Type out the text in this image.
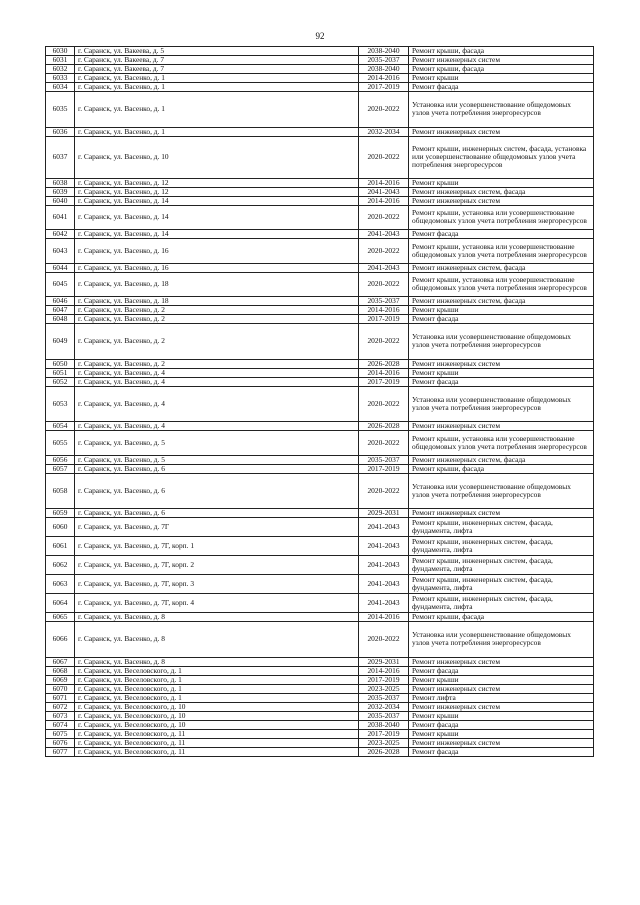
92
6030	г. Саранск, ул. Вакеева, д. 5	2038-2040	Ремонт крыши, фасада
6031	г. Саранск, ул. Вакеева, д. 7	2035-2037	Ремонт инженерных систем
6032	г. Саранск, ул. Вакеева, д. 7	2038-2040	Ремонт крыши, фасада
6033	г. Саранск, ул. Васенко, д. 1	2014-2016	Ремонт крыши
6034	г. Саранск, ул. Васенко, д. 1	2017-2019	Ремонт фасада
6035	г. Саранск, ул. Васенко, д. 1	2020-2022	Установка или усовершенствование общедомовых узлов учета потребления энергоресурсов
6036	г. Саранск, ул. Васенко, д. 1	2032-2034	Ремонт инженерных систем
6037	г. Саранск, ул. Васенко, д. 10	2020-2022	Ремонт крыши, инженерных систем, фасада, установка или усовершенствование общедомовых узлов учета потребления энергоресурсов
6038	г. Саранск, ул. Васенко, д. 12	2014-2016	Ремонт крыши
6039	г. Саранск, ул. Васенко, д. 12	2041-2043	Ремонт инженерных систем, фасада
6040	г. Саранск, ул. Васенко, д. 14	2014-2016	Ремонт инженерных систем
6041	г. Саранск, ул. Васенко, д. 14	2020-2022	Ремонт крыши, установка или усовершенствование общедомовых узлов учета потребления энергоресурсов
6042	г. Саранск, ул. Васенко, д. 14	2041-2043	Ремонт фасада
6043	г. Саранск, ул. Васенко, д. 16	2020-2022	Ремонт крыши, установка или усовершенствование общедомовых узлов учета потребления энергоресурсов
6044	г. Саранск, ул. Васенко, д. 16	2041-2043	Ремонт инженерных систем, фасада
6045	г. Саранск, ул. Васенко, д. 18	2020-2022	Ремонт крыши, установка или усовершенствование общедомовых узлов учета потребления энергоресурсов
6046	г. Саранск, ул. Васенко, д. 18	2035-2037	Ремонт инженерных систем, фасада
6047	г. Саранск, ул. Васенко, д. 2	2014-2016	Ремонт крыши
6048	г. Саранск, ул. Васенко, д. 2	2017-2019	Ремонт фасада
6049	г. Саранск, ул. Васенко, д. 2	2020-2022	Установка или усовершенствование общедомовых узлов учета потребления энергоресурсов
6050	г. Саранск, ул. Васенко, д. 2	2026-2028	Ремонт инженерных систем
6051	г. Саранск, ул. Васенко, д. 4	2014-2016	Ремонт крыши
6052	г. Саранск, ул. Васенко, д. 4	2017-2019	Ремонт фасада
6053	г. Саранск, ул. Васенко, д. 4	2020-2022	Установка или усовершенствование общедомовых узлов учета потребления энергоресурсов
6054	г. Саранск, ул. Васенко, д. 4	2026-2028	Ремонт инженерных систем
6055	г. Саранск, ул. Васенко, д. 5	2020-2022	Ремонт крыши, установка или усовершенствование общедомовых узлов учета потребления энергоресурсов
6056	г. Саранск, ул. Васенко, д. 5	2035-2037	Ремонт инженерных систем, фасада
6057	г. Саранск, ул. Васенко, д. 6	2017-2019	Ремонт крыши, фасада
6058	г. Саранск, ул. Васенко, д. 6	2020-2022	Установка или усовершенствование общедомовых узлов учета потребления энергоресурсов
6059	г. Саранск, ул. Васенко, д. 6	2029-2031	Ремонт инженерных систем
6060	г. Саранск, ул. Васенко, д. 7Г	2041-2043	Ремонт крыши, инженерных систем, фасада, фундамента, лифта
6061	г. Саранск, ул. Васенко, д. 7Г, корп. 1	2041-2043	Ремонт крыши, инженерных систем, фасада, фундамента, лифта
6062	г. Саранск, ул. Васенко, д. 7Г, корп. 2	2041-2043	Ремонт крыши, инженерных систем, фасада, фундамента, лифта
6063	г. Саранск, ул. Васенко, д. 7Г, корп. 3	2041-2043	Ремонт крыши, инженерных систем, фасада, фундамента, лифта
6064	г. Саранск, ул. Васенко, д. 7Г, корп. 4	2041-2043	Ремонт крыши, инженерных систем, фасада, фундамента, лифта
6065	г. Саранск, ул. Васенко, д. 8	2014-2016	Ремонт крыши, фасада
6066	г. Саранск, ул. Васенко, д. 8	2020-2022	Установка или усовершенствование общедомовых узлов учета потребления энергоресурсов
6067	г. Саранск, ул. Васенко, д. 8	2029-2031	Ремонт инженерных систем
6068	г. Саранск, ул. Веселовского, д. 1	2014-2016	Ремонт фасада
6069	г. Саранск, ул. Веселовского, д. 1	2017-2019	Ремонт крыши
6070	г. Саранск, ул. Веселовского, д. 1	2023-2025	Ремонт инженерных систем
6071	г. Саранск, ул. Веселовского, д. 1	2035-2037	Ремонт лифта
6072	г. Саранск, ул. Веселовского, д. 10	2032-2034	Ремонт инженерных систем
6073	г. Саранск, ул. Веселовского, д. 10	2035-2037	Ремонт крыши
6074	г. Саранск, ул. Веселовского, д. 10	2038-2040	Ремонт фасада
6075	г. Саранск, ул. Веселовского, д. 11	2017-2019	Ремонт крыши
6076	г. Саранск, ул. Веселовского, д. 11	2023-2025	Ремонт инженерных систем
6077	г. Саранск, ул. Веселовского, д. 11	2026-2028	Ремонт фасада
